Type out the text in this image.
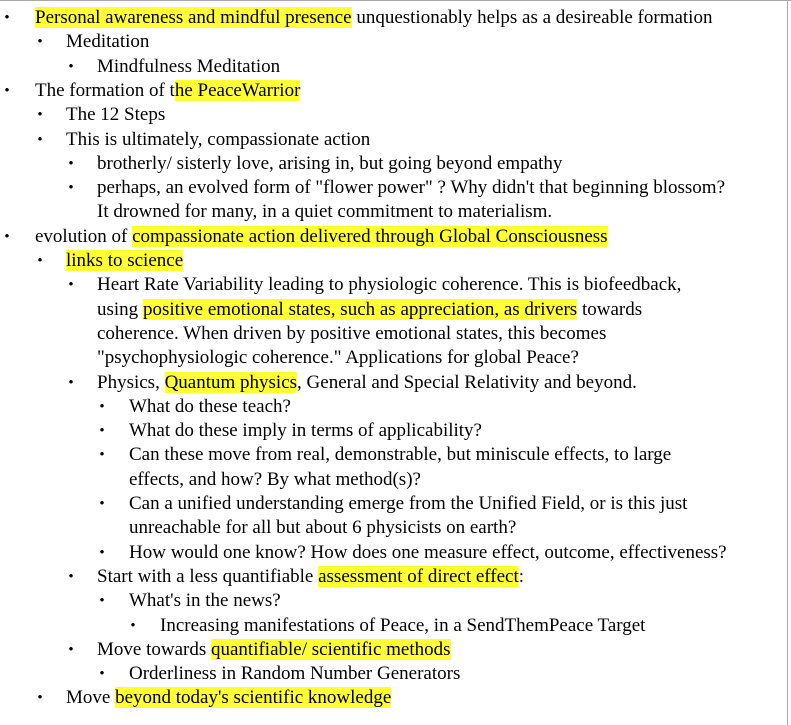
• Personal awareness and mindful presence unquestionably helps as a desireable formation
• Meditation
• Mindfulness Meditation
• The formation of the PeaceWarrior
• The 12 Steps
• This is ultimately, compassionate action
• brotherly/ sisterly love, arising in, but going beyond empathy
• perhaps, an evolved form of "flower power" ? Why didn't that beginning blossom?
It drowned for many, in a quiet commitment to materialism.
• evolution of compassionate action delivered through Global Consciousness
• links to science
• Heart Rate Variability leading to physiologic coherence. This is biofeedback,
using positive emotional states, such as appreciation, as drivers towards
coherence. When driven by positive emotional states, this becomes
"psychophysiologic coherence." Applications for global Peace?
• Physics, Quantum physics, General and Special Relativity and beyond.
• What do these teach?
• What do these imply in terms of applicability?
• Can these move from real, demonstrable, but miniscule effects, to large
effects, and how? By what method(s)?
• Can a unified understanding emerge from the Unified Field, or is this just
unreachable for all but about 6 physicists on earth?
• How would one know? How does one measure effect, outcome, effectiveness?
• Start with a less quantifiable assessment of direct effect:
• What's in the news?
• Increasing manifestations of Peace, in a SendThemPeace Target
• Move towards quantifiable/ scientific methods
• Orderliness in Random Number Generators
• Move beyond today's scientific knowledge
